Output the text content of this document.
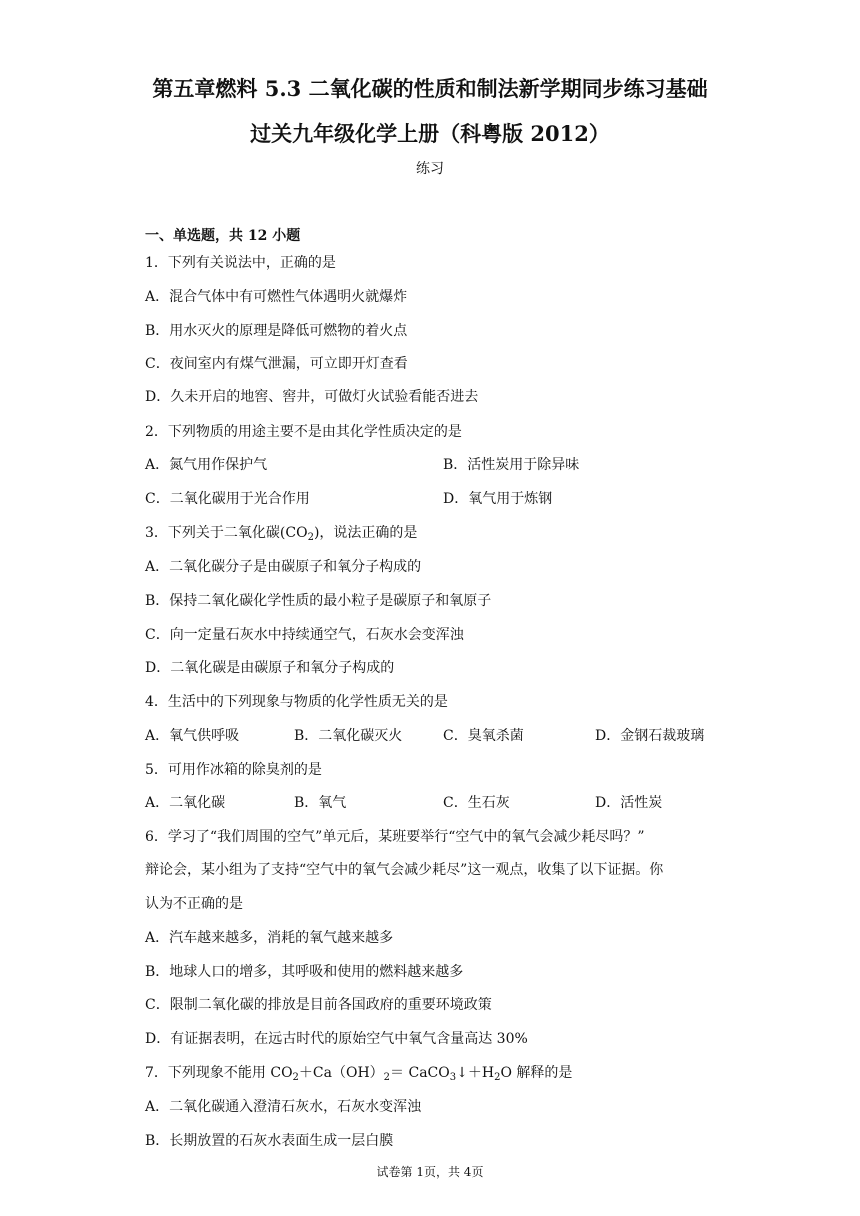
第五章燃料 5.3 二氧化碳的性质和制法新学期同步练习基础
过关九年级化学上册（科粤版 2012）
练习
一、单选题，共 12 小题
1．下列有关说法中，正确的是
A．混合气体中有可燃性气体遇明火就爆炸
B．用水灭火的原理是降低可燃物的着火点
C．夜间室内有煤气泄漏，可立即开灯查看
D．久未开启的地窖、窖井，可做灯火试验看能否进去
2．下列物质的用途主要不是由其化学性质决定的是
A．氮气用作保护气	B．活性炭用于除异味
C．二氧化碳用于光合作用	D．氧气用于炼钢
3．下列关于二氧化碳$(CO_2)$，说法正确的是
A．二氧化碳分子是由碳原子和氧分子构成的
B．保持二氧化碳化学性质的最小粒子是碳原子和氧原子
C．向一定量石灰水中持续通空气，石灰水会变浑浊
D．二氧化碳是由碳原子和氧分子构成的
4．生活中的下列现象与物质的化学性质无关的是
A．氧气供呼吸	B．二氧化碳灭火	C．臭氧杀菌	D．金钢石裁玻璃
5．可用作冰箱的除臭剂的是
A．二氧化碳	B．氧气	C．生石灰	D．活性炭
6．学习了“我们周围的空气”单元后，某班要举行“空气中的氧气会减少耗尽吗？”
辩论会，某小组为了支持“空气中的氧气会减少耗尽”这一观点，收集了以下证据。你
认为不正确的是
A．汽车越来越多，消耗的氧气越来越多
B．地球人口的增多，其呼吸和使用的燃料越来越多
C．限制二氧化碳的排放是目前各国政府的重要环境政策
D．有证据表明，在远古时代的原始空气中氧气含量高达 30%
7．下列现象不能用 $CO_2+Ca(OH)_2=$ $CaCO_3↓+H_2O$ 解释的是
A．二氧化碳通入澄清石灰水，石灰水变浑浊
B．长期放置的石灰水表面生成一层白膜
试卷第 1页，共 4页
